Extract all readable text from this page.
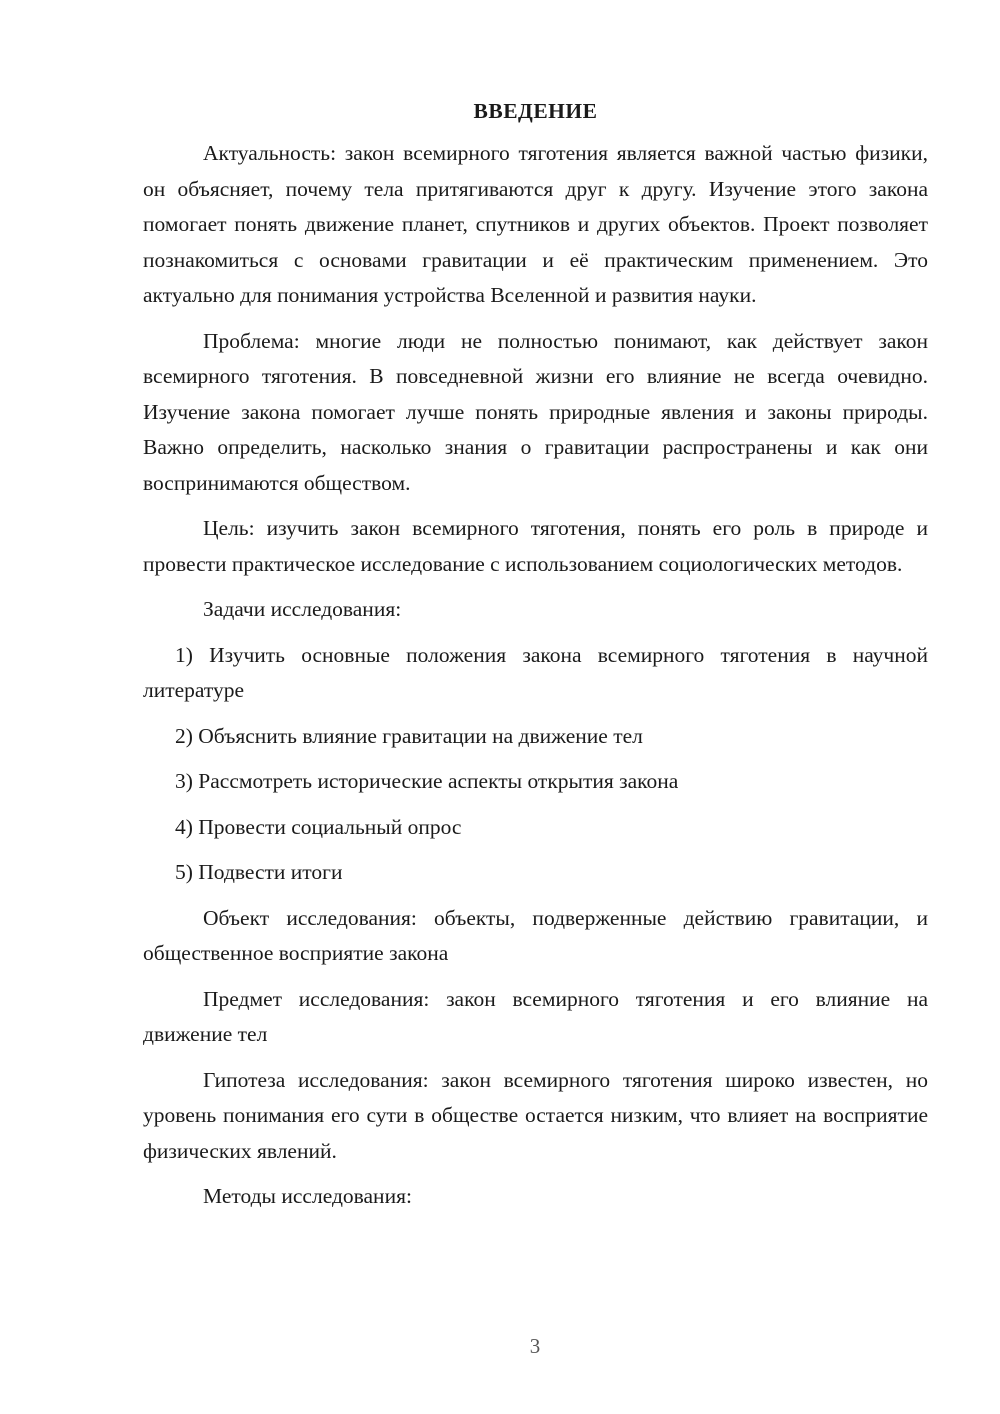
ВВЕДЕНИЕ

Актуальность: закон всемирного тяготения является важной частью физики, он объясняет, почему тела притягиваются друг к другу. Изучение этого закона помогает понять движение планет, спутников и других объектов. Проект позволяет познакомиться с основами гравитации и её практическим применением. Это актуально для понимания устройства Вселенной и развития науки.

Проблема: многие люди не полностью понимают, как действует закон всемирного тяготения. В повседневной жизни его влияние не всегда очевидно. Изучение закона помогает лучше понять природные явления и законы природы. Важно определить, насколько знания о гравитации распространены и как они воспринимаются обществом.

Цель: изучить закон всемирного тяготения, понять его роль в природе и провести практическое исследование с использованием социологических методов.

Задачи исследования:

1) Изучить основные положения закона всемирного тяготения в научной литературе

2) Объяснить влияние гравитации на движение тел

3) Рассмотреть исторические аспекты открытия закона

4) Провести социальный опрос

5) Подвести итоги

Объект исследования: объекты, подверженные действию гравитации, и общественное восприятие закона

Предмет исследования: закон всемирного тяготения и его влияние на движение тел

Гипотеза исследования: закон всемирного тяготения широко известен, но уровень понимания его сути в обществе остается низким, что влияет на восприятие физических явлений.

Методы исследования:

3
